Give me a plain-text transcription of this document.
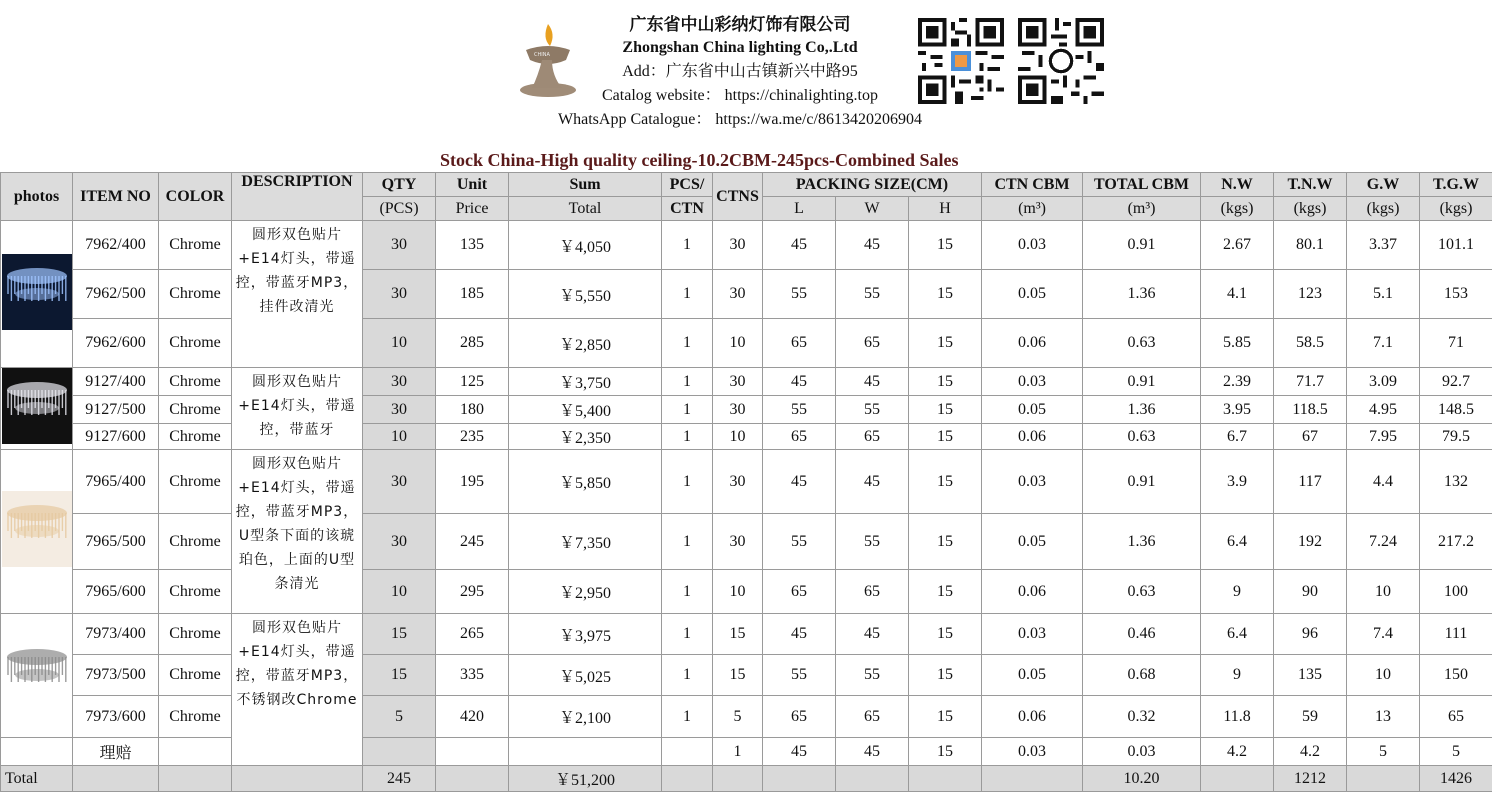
CHINA
广东省中山彩纳灯饰有限公司
Zhongshan China lighting Co,.Ltd
Add：广东省中山古镇新兴中路95
Catalog website： https://chinalighting.top
WhatsApp Catalogue： https://wa.me/c/8613420206904
Stock China-High quality ceiling-10.2CBM-245pcs-Combined Sales
photos	ITEM NO	COLOR	DESCRIPTION	QTY	Unit	Sum	PCS/	CTNS	PACKING SIZE(CM)			CTN CBM	TOTAL CBM	N.W	T.N.W	G.W	T.G.W
				(PCS)	Price	Total	CTN		L	W	H	(m³)	(m³)	(kgs)	(kgs)	(kgs)	(kgs)
	7962/400	Chrome	圆形双色贴片+E14灯头，带遥控，带蓝牙MP3，挂件改清光	30	135	￥4,050	1	30	45	45	15	0.03	0.91	2.67	80.1	3.37	101.1
	7962/500	Chrome		30	185	￥5,550	1	30	55	55	15	0.05	1.36	4.1	123	5.1	153
	7962/600	Chrome		10	285	￥2,850	1	10	65	65	15	0.06	0.63	5.85	58.5	7.1	71
	9127/400	Chrome	圆形双色贴片+E14灯头，带遥控，带蓝牙	30	125	￥3,750	1	30	45	45	15	0.03	0.91	2.39	71.7	3.09	92.7
	9127/500	Chrome		30	180	￥5,400	1	30	55	55	15	0.05	1.36	3.95	118.5	4.95	148.5
	9127/600	Chrome		10	235	￥2,350	1	10	65	65	15	0.06	0.63	6.7	67	7.95	79.5
	7965/400	Chrome	圆形双色贴片+E14灯头，带遥控，带蓝牙MP3，U型条下面的该琥珀色，上面的U型条清光	30	195	￥5,850	1	30	45	45	15	0.03	0.91	3.9	117	4.4	132
	7965/500	Chrome		30	245	￥7,350	1	30	55	55	15	0.05	1.36	6.4	192	7.24	217.2
	7965/600	Chrome		10	295	￥2,950	1	10	65	65	15	0.06	0.63	9	90	10	100
	7973/400	Chrome	圆形双色贴片+E14灯头，带遥控，带蓝牙MP3，不锈钢改Chrome	15	265	￥3,975	1	15	45	45	15	0.03	0.46	6.4	96	7.4	111
	7973/500	Chrome		15	335	￥5,025	1	15	55	55	15	0.05	0.68	9	135	10	150
	7973/600	Chrome		5	420	￥2,100	1	5	65	65	15	0.06	0.32	11.8	59	13	65
	理赔							1	45	45	15	0.03	0.03	4.2	4.2	5	5
Total				245		￥51,200							10.20		1212		1426
